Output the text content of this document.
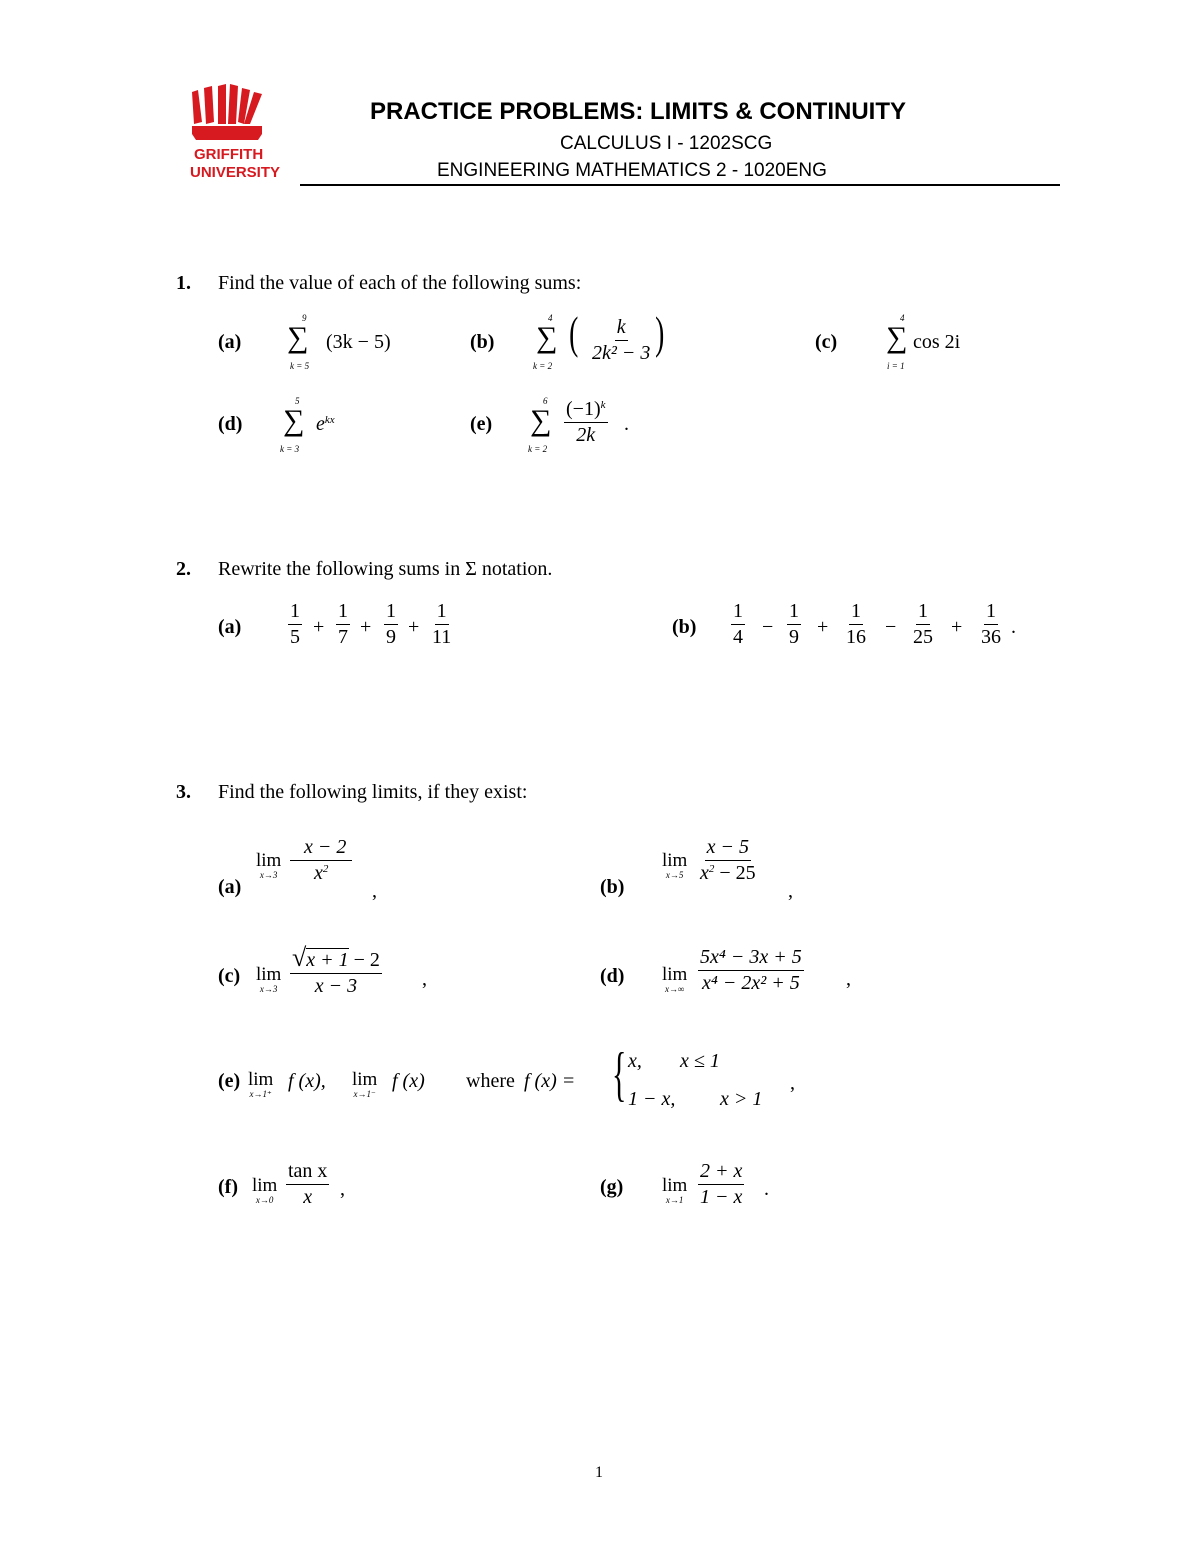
GRIFFITH
UNIVERSITY
PRACTICE PROBLEMS: LIMITS & CONTINUITY
CALCULUS I - 1202SCG
ENGINEERING MATHEMATICS 2 - 1020ENG
1. Find the value of each of the following sums:
(a)
9
∑
k = 5
(3k − 5)	(b)
4
∑
k = 2
( $\frac{k}{\text{2k² − 3}}$ )	(c)
4
∑
i = 1
cos 2i
(d)
5
∑
k = 3
$e^{kx}$	(e)
6
∑
k = 2
$\frac{(-1)^k}{2k}$ .
2. Rewrite the following sums in Σ notation.
$(a) \frac{1}{5} + \frac{1}{7} + \frac{1}{9} + \frac{1}{11}$	$(b) \frac{1}{4} - \frac{1}{9} + \frac{1}{16} - \frac{1}{25} + \frac{1}{36}$ .
3. Find the following limits, if they exist:
(a)
lim
$x\to 3 \frac{x - 2}{x^2}$
,	(b)
lim
$x\to 5 \frac{x - 5}{x^2 - 25}$
,
(c) lim
$x\to 3 \frac{√x + 1 - 2}{x - 3}$ ,	(d) lim
$x\to\infty \frac{\text{5x⁴ − 3x + 5}}{\text{x⁴ − 2x² + 5}}$ ,
(e) lim
x→1⁺
f (x), lim
x→1⁻
f (x) where f (x) = { x, x ≤ 1
1 − x, x > 1
,
(f) lim
$x\to 0 \frac{\text{tan x}}{x}$ ,	(g) lim
$x\to 1 \frac{2 + x}{1 - x}$ .
1
